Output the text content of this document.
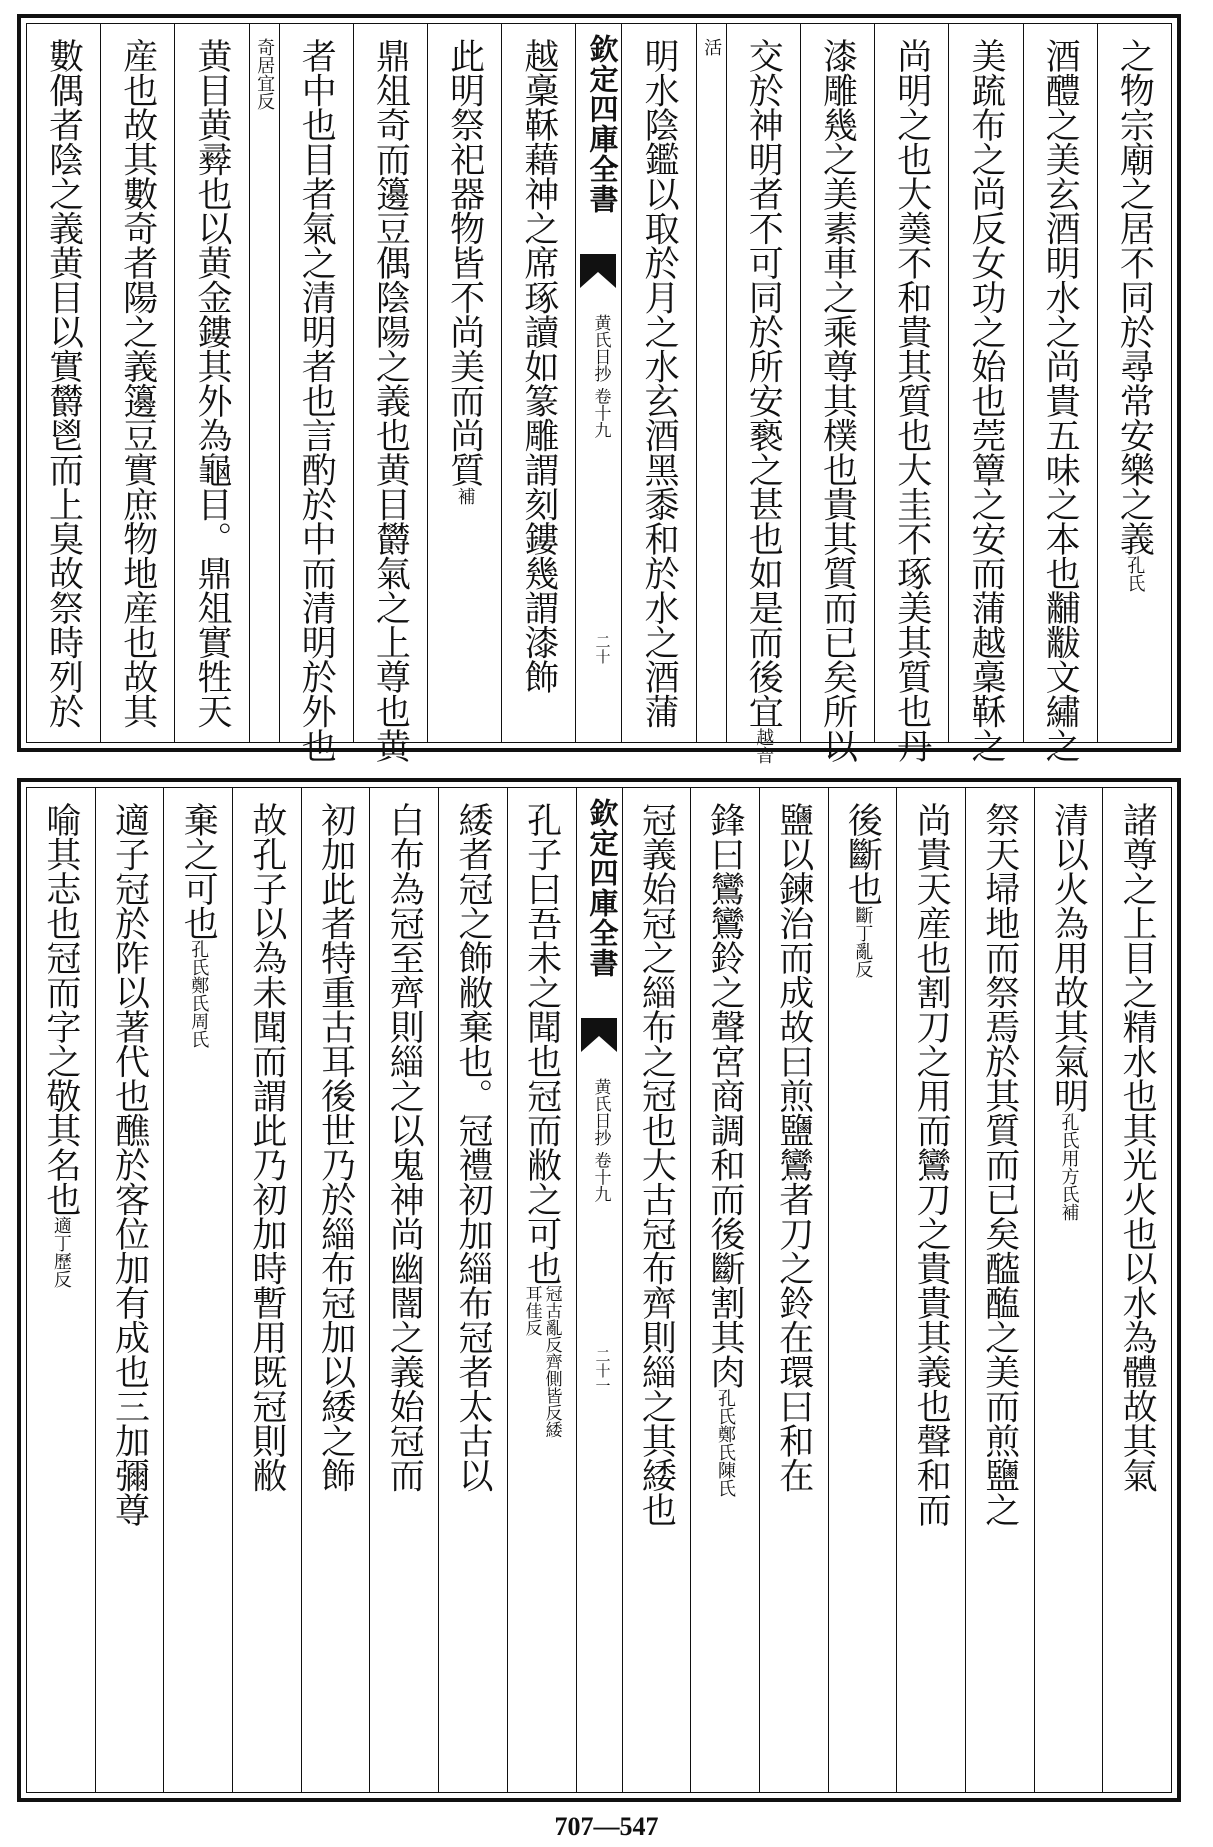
之物宗廟之居不同於尋常安樂之義
孔氏
酒醴之美玄酒明水之尚貴五味之本也黼黻文繡之
美䟽布之尚反女功之始也莞簟之安而蒲越稾鞂之
尚明之也大羮不和貴其質也大圭不琢美其質也丹
漆雕幾之美素車之乘尊其樸也貴其質而已矣所以
交於神明者不可同於所安褻之甚也如是而後宜
越音
活
明水陰鑑以取於月之水玄酒黑黍和於水之酒蒲
欽定四庫全書
黄氏日抄 卷十九
二十
越稾鞂藉神之席琢讀如篆雕謂刻鏤幾謂漆飾
此明祭祀器物皆不尚美而尚質
補
鼎俎奇而籩豆偶陰陽之義也黄目欝氣之上尊也黄
者中也目者氣之清明者也言酌於中而清明於外也
奇居宜反
黄目黄彛也以黄金鏤其外為龜目。鼎俎實牲天
産也故其數奇者陽之義籩豆實庶物地産也故其
數偶者陰之義黄目以實欝鬯而上臭故祭時列於
諸尊之上目之精水也其光火也以水為體故其氣
清以火為用故其氣明
孔氏用方氏補
祭天埽地而祭焉於其質而已矣醓醢之美而煎鹽之
尚貴天産也割刀之用而鸞刀之貴貴其義也聲和而
後斷也
斷丁亂反
鹽以鍊治而成故曰煎鹽鸞者刀之鈴在環曰和在
鋒曰鸞鸞鈴之聲宮商調和而後斷割其肉
孔氏鄭氏陳氏
冠義始冠之緇布之冠也大古冠布齊則緇之其緌也
欽定四庫全書
黄氏日抄 卷十九
二十一
孔子曰吾未之聞也冠而敝之可也
冠古亂反齊側皆反緌耳佳反
緌者冠之飾敝棄也。冠禮初加緇布冠者太古以
白布為冠至齊則緇之以鬼神尚幽闇之義始冠而
初加此者特重古耳後世乃於緇布冠加以緌之飾
故孔子以為未聞而謂此乃初加時暫用既冠則敝
棄之可也
孔氏鄭氏周氏
適子冠於阼以著代也醮於客位加有成也三加彌尊
喻其志也冠而字之敬其名也
適丁歷反
707—547
